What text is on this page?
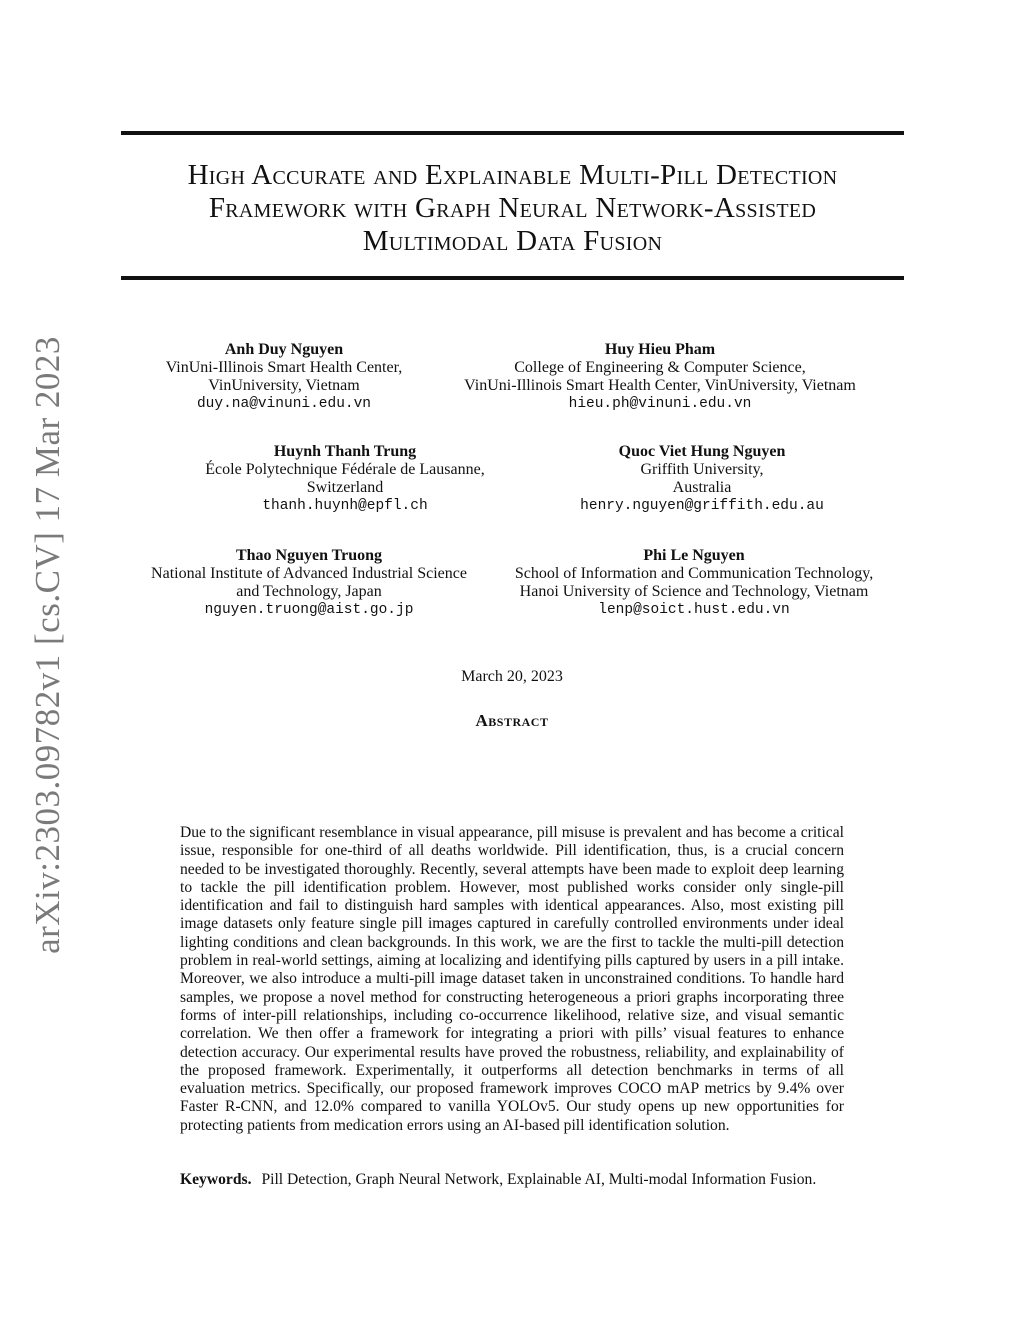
arXiv:2303.09782v1 [cs.CV] 17 Mar 2023
High Accurate and Explainable Multi-Pill Detection
Framework with Graph Neural Network-Assisted
Multimodal Data Fusion
Anh Duy Nguyen
VinUni-Illinois Smart Health Center,
VinUniversity, Vietnam
duy.na@vinuni.edu.vn
Huy Hieu Pham
College of Engineering & Computer Science,
VinUni-Illinois Smart Health Center, VinUniversity, Vietnam
hieu.ph@vinuni.edu.vn
Huynh Thanh Trung
École Polytechnique Fédérale de Lausanne,
Switzerland
thanh.huynh@epfl.ch
Quoc Viet Hung Nguyen
Griffith University,
Australia
henry.nguyen@griffith.edu.au
Thao Nguyen Truong
National Institute of Advanced Industrial Science
and Technology, Japan
nguyen.truong@aist.go.jp
Phi Le Nguyen
School of Information and Communication Technology,
Hanoi University of Science and Technology, Vietnam
lenp@soict.hust.edu.vn
March 20, 2023
Abstract

Due to the significant resemblance in visual appearance, pill misuse is prevalent and has become a critical issue, responsible for one-third of all deaths worldwide. Pill identification, thus, is a crucial concern needed to be investigated thoroughly. Recently, several attempts have been made to exploit deep learning to tackle the pill identification problem. However, most published works consider only single-pill identification and fail to distinguish hard samples with identical appearances. Also, most existing pill image datasets only feature single pill images captured in carefully controlled environments under ideal lighting conditions and clean backgrounds. In this work, we are the first to tackle the multi-pill detection problem in real-world settings, aiming at localizing and identifying pills captured by users in a pill intake. Moreover, we also introduce a multi-pill image dataset taken in unconstrained conditions. To handle hard samples, we propose a novel method for constructing heterogeneous a priori graphs incorporating three forms of inter-pill relationships, including co-occurrence likelihood, relative size, and visual semantic correlation. We then offer a framework for integrating a priori with pills’ visual features to enhance detection accuracy. Our experimental results have proved the robustness, reliability, and explainability of the proposed framework. Experimentally, it outperforms all detection benchmarks in terms of all evaluation metrics. Specifically, our proposed framework improves COCO mAP metrics by 9.4% over Faster R-CNN, and 12.0% compared to vanilla YOLOv5. Our study opens up new opportunities for protecting patients from medication errors using an AI-based pill identification solution.

Keywords. Pill Detection, Graph Neural Network, Explainable AI, Multi-modal Information Fusion.
